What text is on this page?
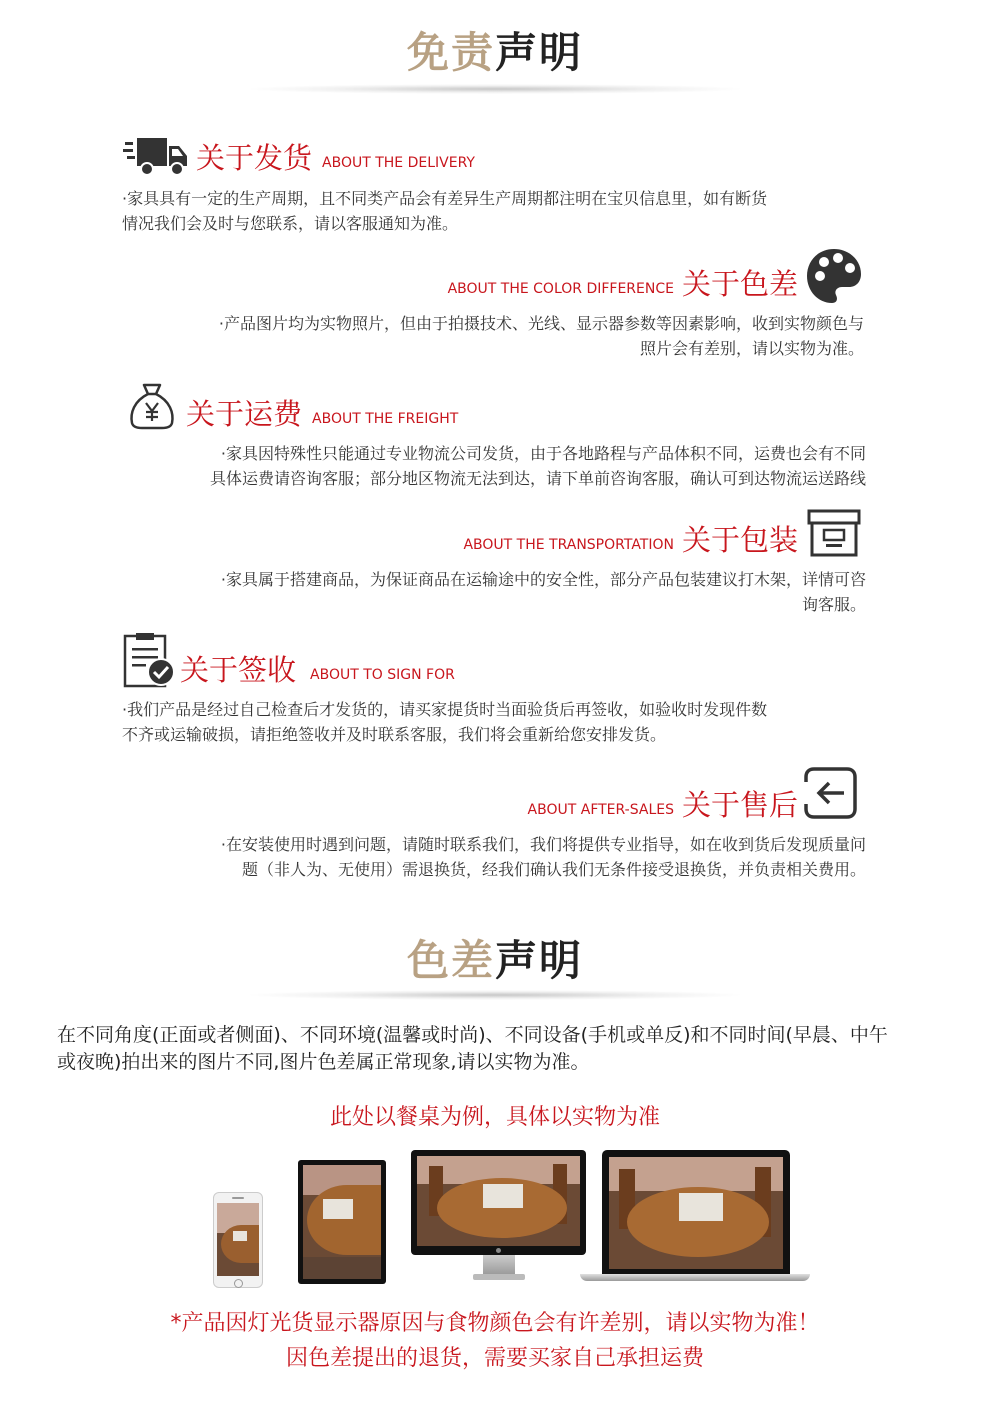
免责声明
关于发货 ABOUT THE DELIVERY
·家具具有一定的生产周期，且不同类产品会有差异生产周期都注明在宝贝信息里，如有断货
情况我们会及时与您联系，请以客服通知为准。
ABOUT THE COLOR DIFFERENCE 关于色差
·产品图片均为实物照片，但由于拍摄技术、光线、显示器参数等因素影响，收到实物颜色与
照片会有差别，请以实物为准。
关于运费 ABOUT THE FREIGHT
·家具因特殊性只能通过专业物流公司发货，由于各地路程与产品体积不同，运费也会有不同
具体运费请咨询客服；部分地区物流无法到达，请下单前咨询客服，确认可到达物流运送路线
ABOUT THE TRANSPORTATION 关于包装
·家具属于搭建商品，为保证商品在运输途中的安全性，部分产品包装建议打木架，详情可咨
询客服。
关于签收 ABOUT TO SIGN FOR
·我们产品是经过自己检查后才发货的，请买家提货时当面验货后再签收，如验收时发现件数
不齐或运输破损，请拒绝签收并及时联系客服，我们将会重新给您安排发货。
ABOUT AFTER-SALES 关于售后
·在安装使用时遇到问题，请随时联系我们，我们将提供专业指导，如在收到货后发现质量问
题（非人为、无使用）需退换货，经我们确认我们无条件接受退换货，并负责相关费用。
色差声明
在不同角度(正面或者侧面)、不同环境(温馨或时尚)、不同设备(手机或单反)和不同时间(早晨、中午
或夜晚)拍出来的图片不同,图片色差属正常现象,请以实物为准。
此处以餐桌为例，具体以实物为准
*产品因灯光货显示器原因与食物颜色会有许差别，请以实物为准！
因色差提出的退货，需要买家自己承担运费
